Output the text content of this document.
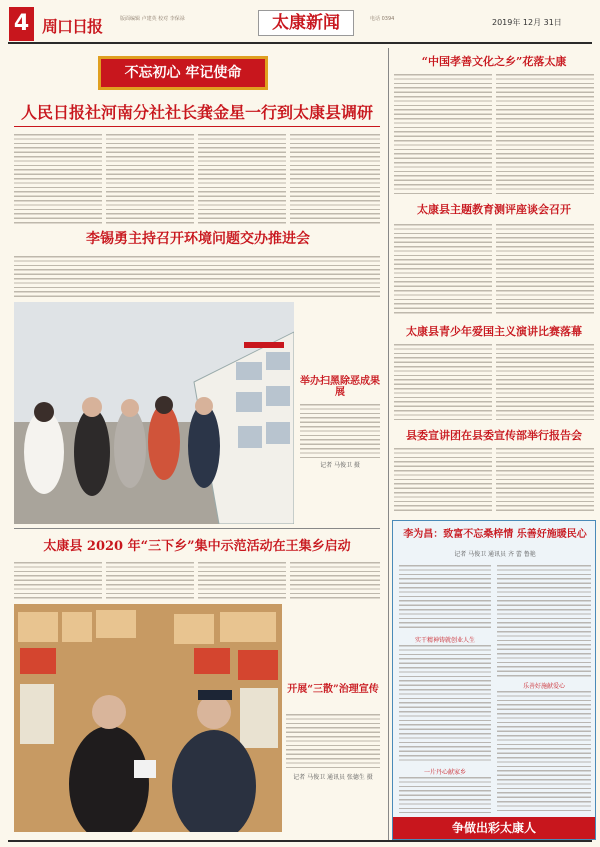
4 周口日报	版面编辑 卢建英 校对 李保禄	太康新闻	电话 0394	2019年 12月 31日
不忘初心 牢记使命
人民日报社河南分社社长龚金星一行到太康县调研
李锡勇主持召开环境问题交办推进会
举办扫黑除恶成果展
记者 马俊卫 摄
太康县 2020 年“三下乡”集中示范活动在王集乡启动
开展“三散”治理宣传
记者 马俊卫 通讯员 张德生 摄
“中国孝善文化之乡”花落太康
太康县主题教育测评座谈会召开
太康县青少年爱国主义演讲比赛落幕
县委宣讲团在县委宣传部举行报告会
李为昌：致富不忘桑梓情 乐善好施暖民心
记者 马俊卫 通讯员 齐 蕾 鲁艳
实干精神铸就创业人生
乐善好施献爱心
一片丹心献家乡
争做出彩太康人
